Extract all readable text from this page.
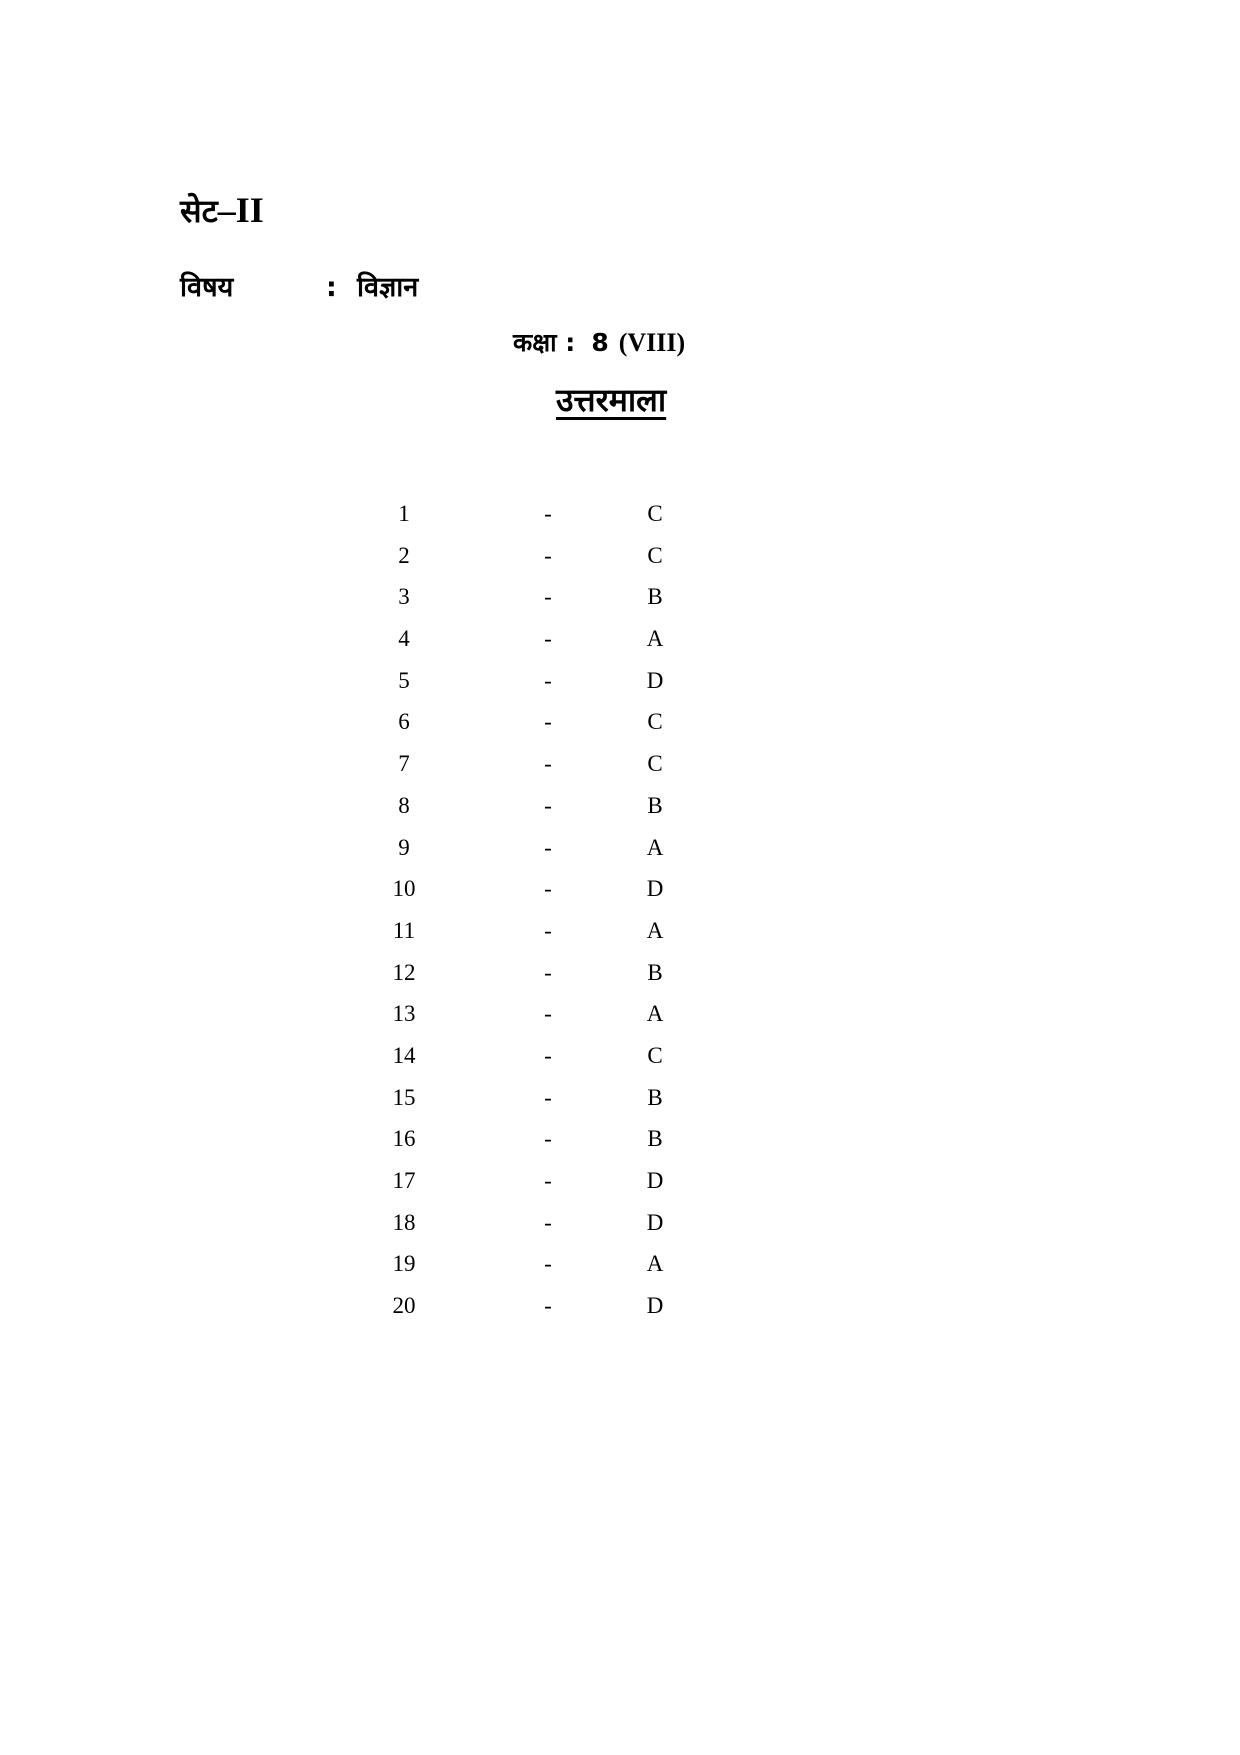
सेट–II
विषय	: विज्ञान
कक्षा : 8 (VIII)
उत्तरमाला
1	-	C
2	-	C
3	-	B
4	-	A
5	-	D
6	-	C
7	-	C
8	-	B
9	-	A
10	-	D
11	-	A
12	-	B
13	-	A
14	-	C
15	-	B
16	-	B
17	-	D
18	-	D
19	-	A
20	-	D
